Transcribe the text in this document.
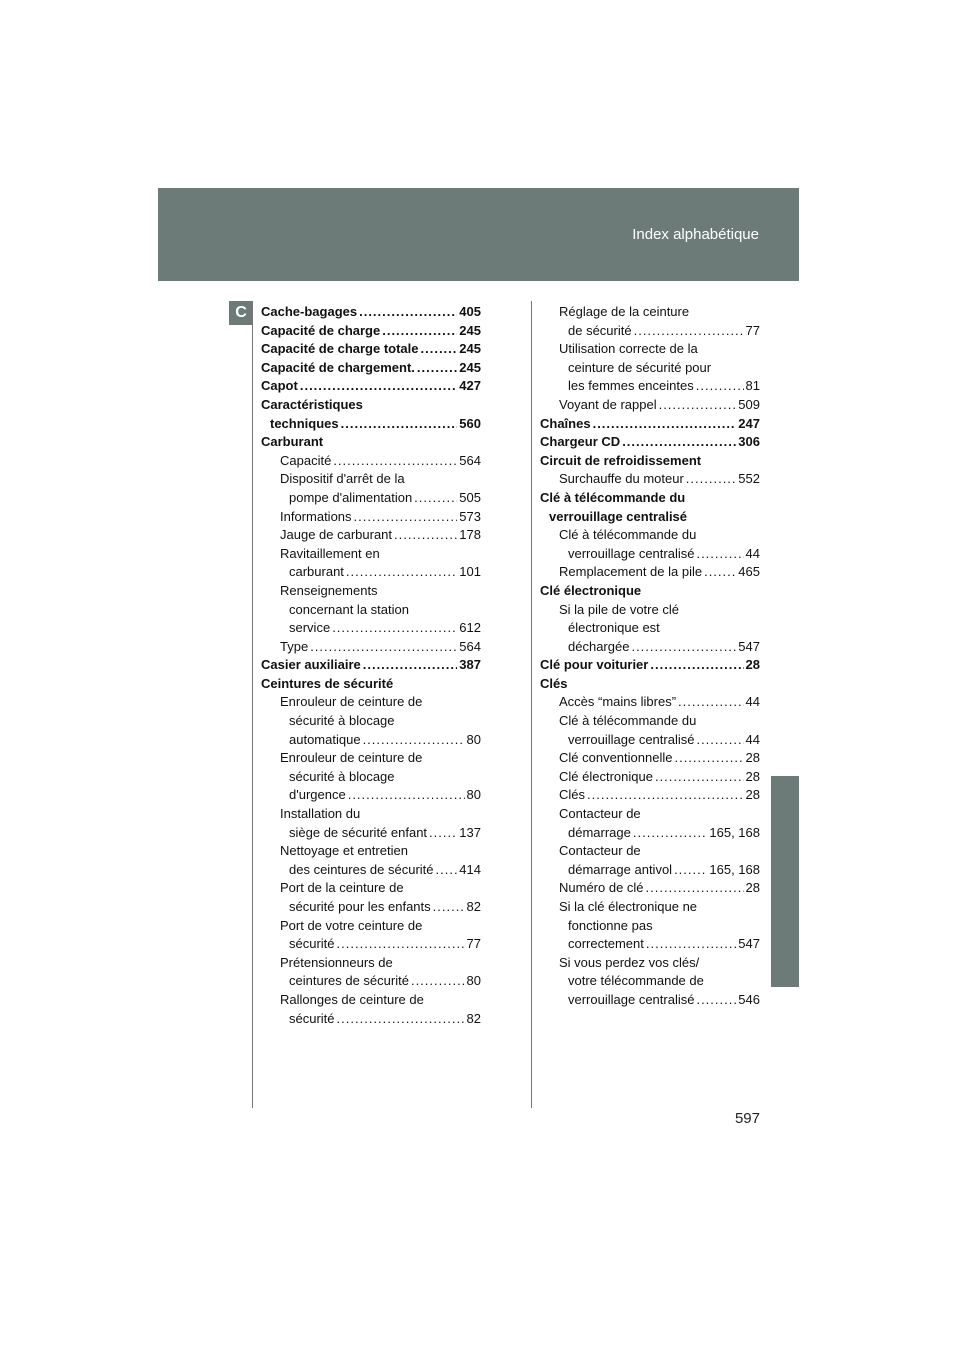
Index alphabétique
C	Cache-bagages .....	405
Capacité de charge .....	245
Capacité de charge totale .....	245
Capacité de chargement. .....	245
Capot .....	427
Caractéristiques
techniques .....	560
Carburant
Capacité .....	564
Dispositif d'arrêt de la
pompe d'alimentation .....	505
Informations .....	573
Jauge de carburant .....	178
Ravitaillement en
carburant .....	101
Renseignements
concernant la station
service .....	612
Type .....	564
Casier auxiliaire .....	387
Ceintures de sécurité
Enrouleur de ceinture de
sécurité à blocage
automatique .....	80
Enrouleur de ceinture de
sécurité à blocage
d'urgence .....	80
Installation du
siège de sécurité enfant ..... 137
Nettoyage et entretien
des ceintures de sécurité ..... 414
Port de la ceinture de
sécurité pour les enfants .....	82
Port de votre ceinture de
sécurité .....	77
Prétensionneurs de
ceintures de sécurité .....	80
Rallonges de ceinture de
sécurité .....	82
Réglage de la ceinture
de sécurité .....	77
Utilisation correcte de la
ceinture de sécurité pour
les femmes enceintes .....	81
Voyant de rappel .....	509
Chaînes .....	247
Chargeur CD .....	306
Circuit de refroidissement
Surchauffe du moteur .....	552
Clé à télécommande du
verrouillage centralisé
Clé à télécommande du
verrouillage centralisé .....	44
Remplacement de la pile .....	465
Clé électronique
Si la pile de votre clé
électronique est
déchargée .....	547
Clé pour voiturier .....	28
Clés
Accès “mains libres” .....	44
Clé à télécommande du
verrouillage centralisé .....	44
Clé conventionnelle .....	28
Clé électronique .....	28
Clés .....	28
Contacteur de
démarrage .....	165, 168
Contacteur de
démarrage antivol .....	165, 168
Numéro de clé .....	28
Si la clé électronique ne
fonctionne pas
correctement .....	547
Si vous perdez vos clés/
votre télécommande de
verrouillage centralisé .....	546
597
